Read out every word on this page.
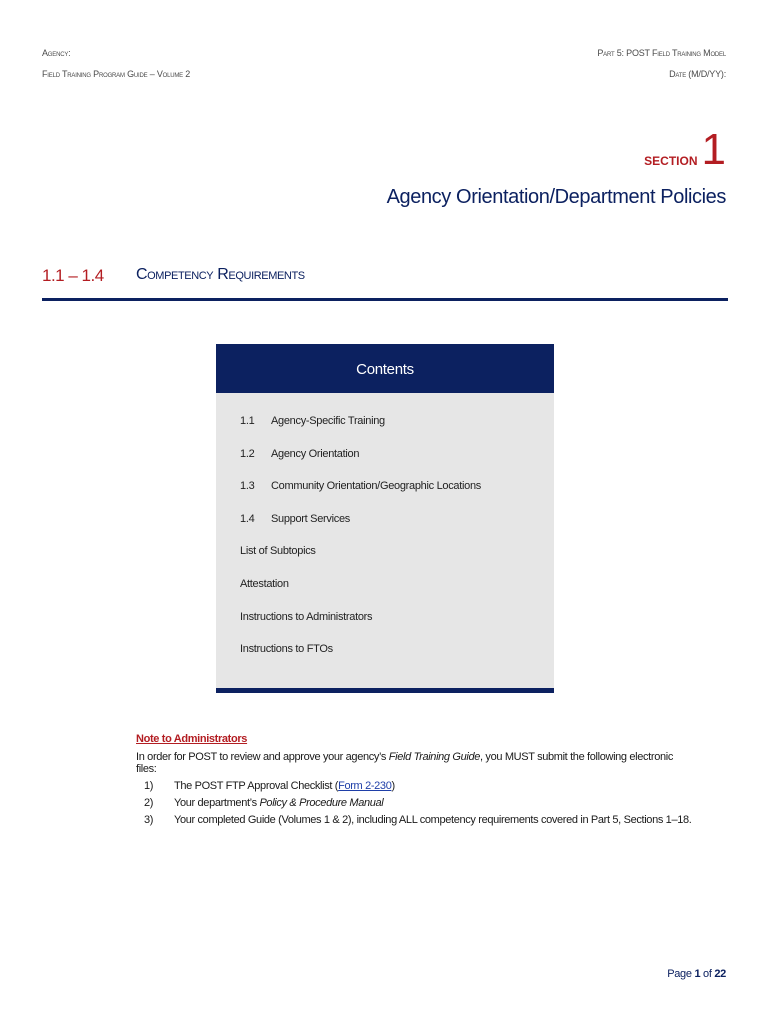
Agency:
Field Training Program Guide – Volume 2
Part 5: POST Field Training Model
Date (M/D/YY):
SECTION 1
Agency Orientation/Department Policies
1.1 – 1.4 Competency Requirements
Contents
1.1 Agency-Specific Training
1.2 Agency Orientation
1.3 Community Orientation/Geographic Locations
1.4 Support Services
List of Subtopics
Attestation
Instructions to Administrators
Instructions to FTOs
Note to Administrators
In order for POST to review and approve your agency’s Field Training Guide, you MUST submit the following electronic files:
1) The POST FTP Approval Checklist (Form 2-230)
2) Your department’s Policy & Procedure Manual
3) Your completed Guide (Volumes 1 & 2), including ALL competency requirements covered in Part 5, Sections 1–18.
Page 1 of 22
